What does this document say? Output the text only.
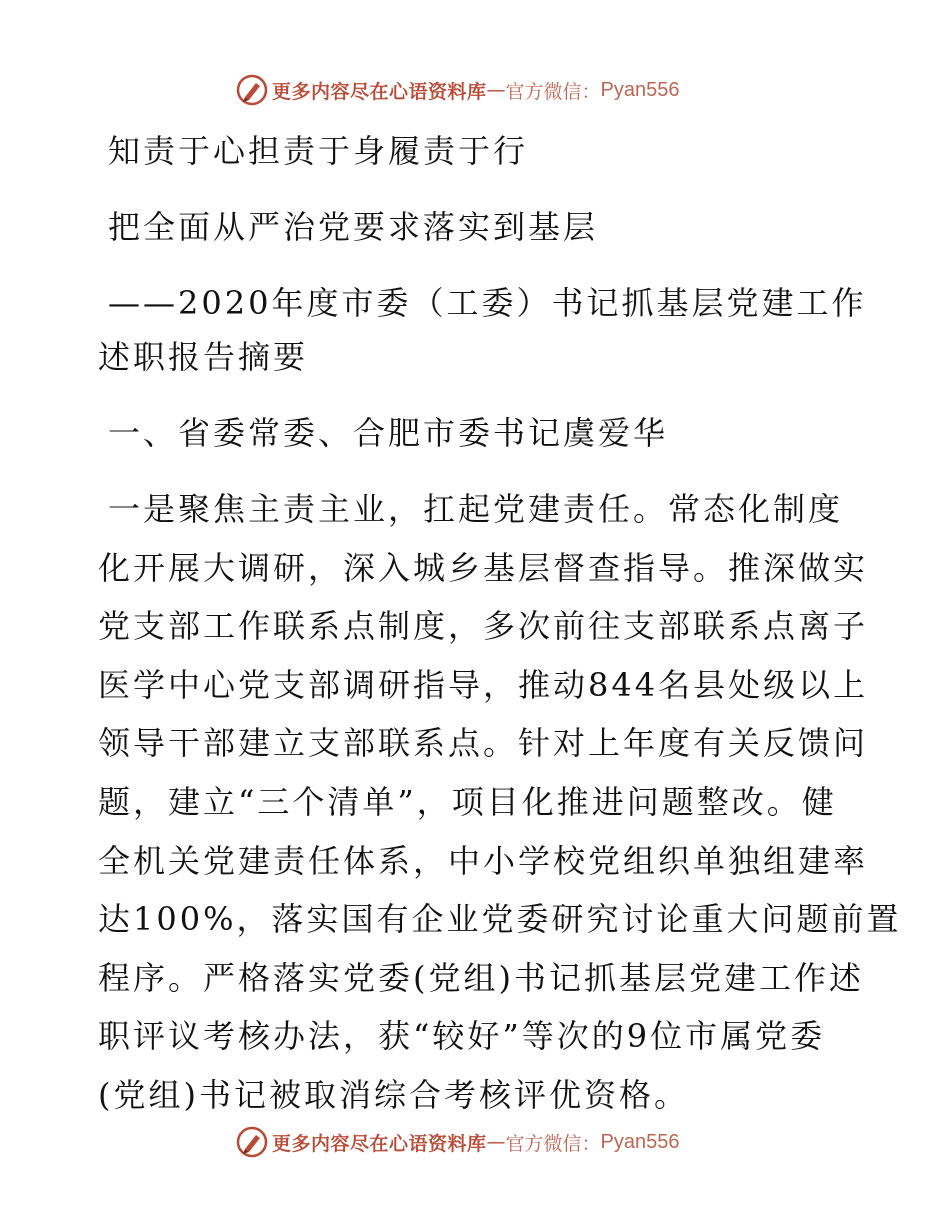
更多内容尽在心语资料库 — 官方微信： Pyan556
知责于心担责于身履责于行
把全面从严治党要求落实到基层
——2020年度市委（工委）书记抓基层党建工作
述职报告摘要
一、省委常委、合肥市委书记虞爱华
一是聚焦主责主业，扛起党建责任。常态化制度
化开展大调研，深入城乡基层督查指导。推深做实
党支部工作联系点制度，多次前往支部联系点离子
医学中心党支部调研指导，推动844名县处级以上
领导干部建立支部联系点。针对上年度有关反馈问
题，建立“三个清单”，项目化推进问题整改。健
全机关党建责任体系，中小学校党组织单独组建率
达100%，落实国有企业党委研究讨论重大问题前置
程序。严格落实党委(党组)书记抓基层党建工作述
职评议考核办法，获“较好”等次的9位市属党委
(党组)书记被取消综合考核评优资格。
更多内容尽在心语资料库 — 官方微信： Pyan556
